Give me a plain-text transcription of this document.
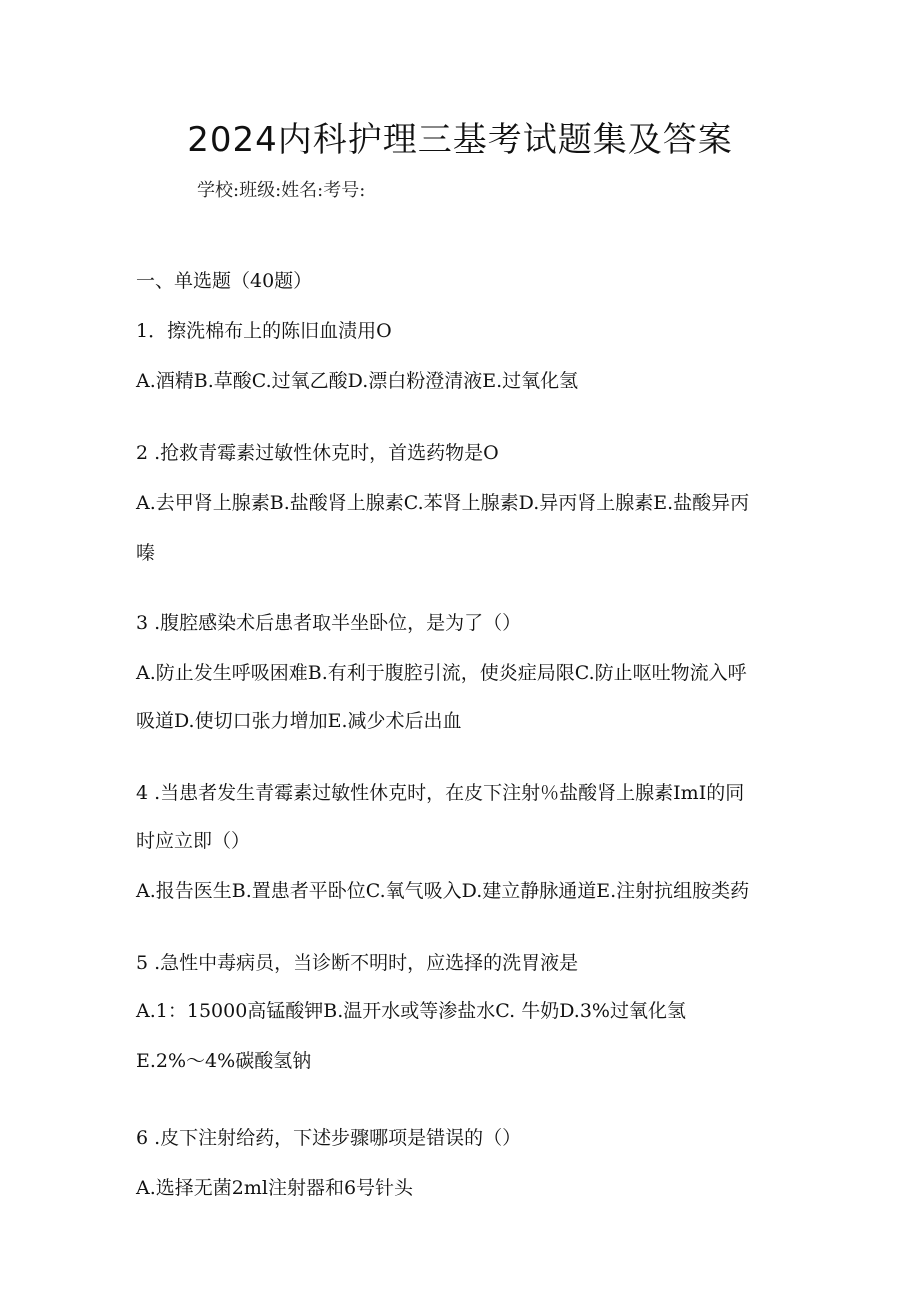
2024内科护理三基考试题集及答案
学校:班级:姓名:考号:
一、单选题（40题）
1．擦洗棉布上的陈旧血渍用O
A.酒精B.草酸C.过氧乙酸D.漂白粉澄清液E.过氧化氢
2 .抢救青霉素过敏性休克时，首选药物是O
A.去甲肾上腺素B.盐酸肾上腺素C.苯肾上腺素D.异丙肾上腺素E.盐酸异丙
嗪
3 .腹腔感染术后患者取半坐卧位，是为了（）
A.防止发生呼吸困难B.有利于腹腔引流，使炎症局限C.防止呕吐物流入呼
吸道D.使切口张力增加E.减少术后出血
4 .当患者发生青霉素过敏性休克时，在皮下注射％盐酸肾上腺素ImI的同
时应立即（）
A.报告医生B.置患者平卧位C.氧气吸入D.建立静脉通道E.注射抗组胺类药
5 .急性中毒病员，当诊断不明时，应选择的洗胃液是
A.1：15000高锰酸钾B.温开水或等渗盐水C. 牛奶D.3%过氧化氢
E.2%～4%碳酸氢钠
6 .皮下注射给药，下述步骤哪项是错误的（）
A.选择无菌2ml注射器和6号针头
